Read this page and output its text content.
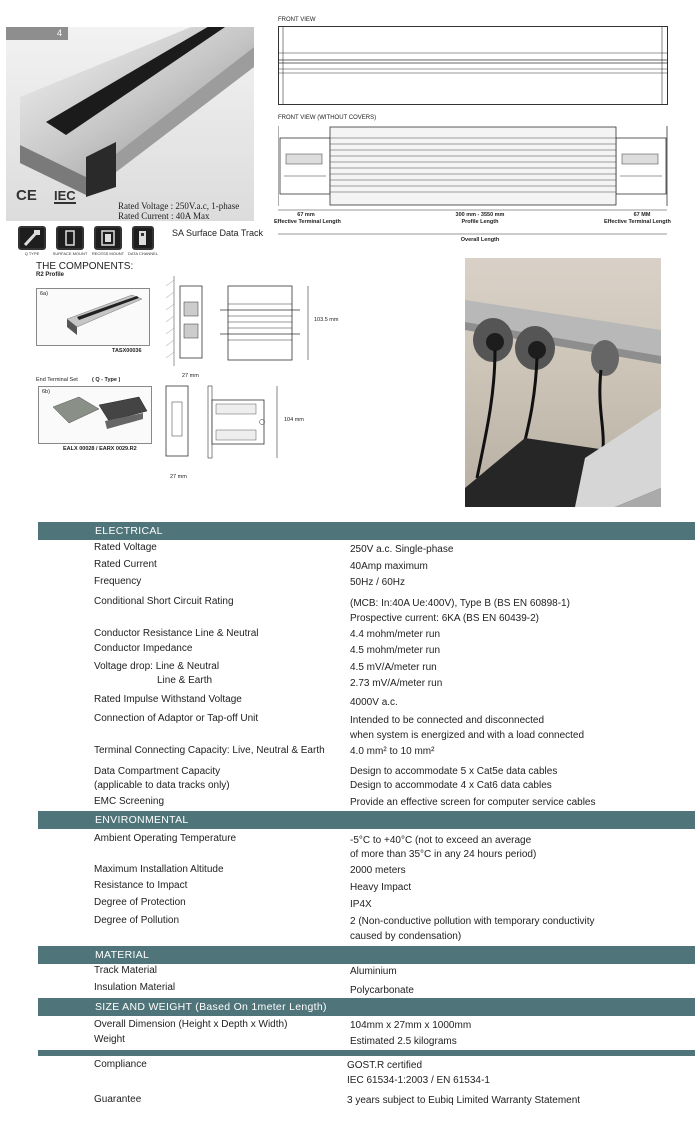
4
CE IEC
Rated Voltage : 250V.a.c, 1-phase
Rated Current : 40A Max
Q TYPE	SURFACE MOUNT	RECESS MOUNT DATA CHANNEL
SA Surface Data Track
FRONT VIEW
FRONT VIEW (WITHOUT COVERS)
67 mm
Effective Terminal Length
300 mm - 3550 mm
Profile Length
67 MM
Effective Terminal Length
Overall Length
THE COMPONENTS:
R2 Profile
6a)
TASX00036
27 mm
103.5 mm
End Terminal Set	( Q - Type )
6b)
EALX 00028 / EARX 0029.R2
27 mm
104 mm
ELECTRICAL
Rated Voltage	250V a.c. Single-phase
Rated Current	40Amp maximum
Frequency	50Hz / 60Hz
Conditional Short Circuit Rating	(MCB: In:40A Ue:400V), Type B (BS EN 60898-1)
Prospective current: 6KA (BS EN 60439-2)
Conductor Resistance Line & Neutral	4.4 mohm/meter run
Conductor Impedance	4.5 mohm/meter run
Voltage drop: Line & Neutral	4.5 mV/A/meter run
Line & Earth	2.73 mV/A/meter run
Rated Impulse Withstand Voltage	4000V a.c.
Connection of Adaptor or Tap-off Unit	Intended to be connected and disconnected
when system is energized and with a load connected
Terminal Connecting Capacity: Live, Neutral & Earth	4.0 mm² to 10 mm²
Data Compartment Capacity	Design to accommodate 5 x Cat5e data cables
(applicable to data tracks only)	Design to accommodate 4 x Cat6 data cables
EMC Screening	Provide an effective screen for computer service cables
ENVIRONMENTAL
Ambient Operating Temperature	-5°C to +40°C (not to exceed an average
of more than 35°C in any 24 hours period)
Maximum Installation Altitude	2000 meters
Resistance to Impact	Heavy Impact
Degree of Protection	IP4X
Degree of Pollution	2 (Non-conductive pollution with temporary conductivity
caused by condensation)
MATERIAL
Track Material	Aluminium
Insulation Material	Polycarbonate
SIZE AND WEIGHT (Based On 1meter Length)
Overall Dimension (Height x Depth x Width)	104mm x 27mm x 1000mm
Weight	Estimated 2.5 kilograms
Compliance	GOST.R certified
IEC 61534-1:2003 / EN 61534-1
Guarantee	3 years subject to Eubiq Limited Warranty Statement
